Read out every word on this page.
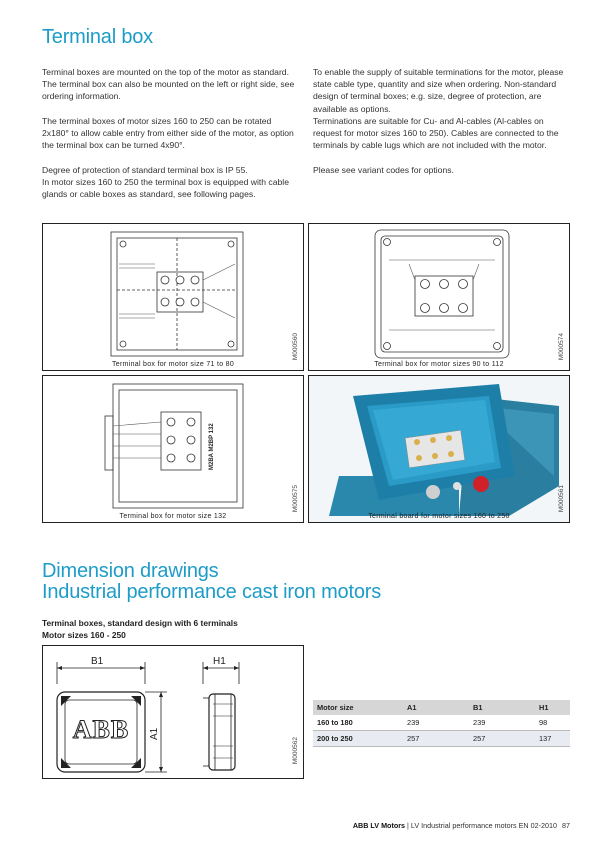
Terminal box

Terminal boxes are mounted on the top of the motor as standard. The terminal box can also be mounted on the left or right side, see ordering information.

The terminal boxes of motor sizes 160 to 250 can be rotated 2x180° to allow cable entry from either side of the motor, as option the terminal box can be turned 4x90°.

Degree of protection of standard terminal box is IP 55.

In motor sizes 160 to 250 the terminal box is equipped with cable glands or cable boxes as standard, see following pages.

To enable the supply of suitable terminations for the motor, please state cable type, quantity and size when ordering. Non-standard design of terminal boxes; e.g. size, degree of protection, are available as options.

Terminations are suitable for Cu- and Al-cables (Al-cables on request for motor sizes 160 to 250). Cables are connected to the terminals by cable lugs which are not included with the motor.

Please see variant codes for options.

M000560
Terminal box for motor size 71 to 80
M000574
Terminal box for motor sizes 90 to 112
M2BA M2BP 132
M000575
Terminal box for motor size 132
M000561
Terminal board for motor sizes 160 to 250
Dimension drawings
Industrial performance cast iron motors
Terminal boxes, standard design with 6 terminals
Motor sizes 160 - 250
B1	H1
A1
ABB
M000562
Motor size	A1	B1	H1
160 to 180	239	239	98
200 to 250	257	257	137
ABB LV Motors | LV Industrial performance motors EN 02-2010 87
